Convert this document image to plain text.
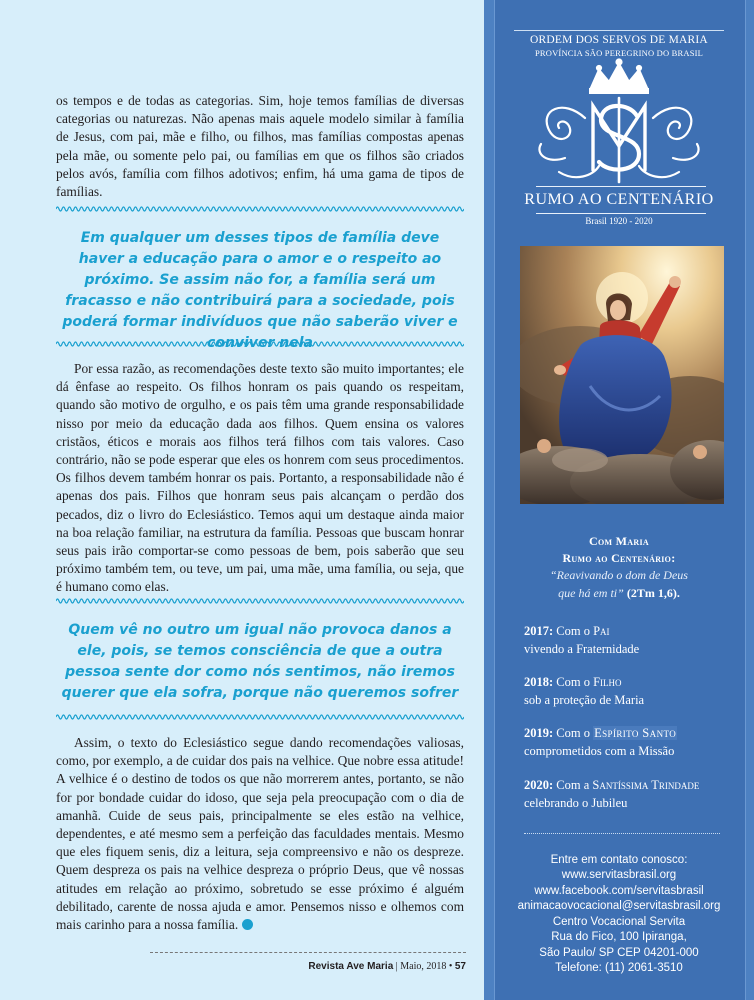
os tempos e de todas as categorias. Sim, hoje temos famílias de diversas categorias ou naturezas. Não apenas mais aquele modelo similar à família de Jesus, com pai, mãe e filho, ou filhos, mas famílias compostas apenas pela mãe, ou somente pelo pai, ou famílias em que os filhos são criados pelos avós, família com filhos adotivos; enfim, há uma gama de tipos de famílias.

Em qualquer um desses tipos de família deve haver a educação para o amor e o respeito ao próximo. Se assim não for, a família será um fracasso e não contribuirá para a sociedade, pois poderá formar indivíduos que não saberão viver e conviver nela

Por essa razão, as recomendações deste texto são muito importantes; ele dá ênfase ao respeito. Os filhos honram os pais quando os respeitam, quando são motivo de orgulho, e os pais têm uma grande responsabilidade nisso por meio da educação dada aos filhos. Quem ensina os valores cristãos, éticos e morais aos filhos terá filhos com tais valores. Caso contrário, não se pode esperar que eles os honrem com seus procedimentos. Os filhos devem também honrar os pais. Portanto, a responsabilidade não é apenas dos pais. Filhos que honram seus pais alcançam o perdão dos pecados, diz o livro do Eclesiástico. Temos aqui um destaque ainda maior na boa relação familiar, na estrutura da família. Pessoas que buscam honrar seus pais irão comportar-se como pessoas de bem, pois saberão que seu próximo também tem, ou teve, um pai, uma mãe, uma família, ou seja, que é humano como elas.

Quem vê no outro um igual não provoca danos a ele, pois, se temos consciência de que a outra pessoa sente dor como nós sentimos, não iremos querer que ela sofra, porque não queremos sofrer

Assim, o texto do Eclesiástico segue dando recomendações valiosas, como, por exemplo, a de cuidar dos pais na velhice. Que nobre essa atitude! A velhice é o destino de todos os que não morrerem antes, portanto, se não for por bondade cuidar do idoso, que seja pela preocupação com o dia de amanhã. Cuide de seus pais, principalmente se eles estão na velhice, dependentes, e até mesmo sem a perfeição das faculdades mentais. Mesmo que eles fiquem senis, diz a leitura, seja compreensivo e não os despreze. Quem despreza os pais na velhice despreza o próprio Deus, que vê nossas atitudes em relação ao próximo, sobretudo se esse próximo é alguém debilitado, carente de nossa ajuda e amor. Pensemos nisso e olhemos com mais carinho para a nossa família.

Revista Ave Maria | Maio, 2018 • 57
ORDEM DOS SERVOS DE MARIA
PROVÍNCIA SÃO PEREGRINO DO BRASIL
RUMO AO CENTENÁRIO
Brasil 1920 - 2020
Com Maria
Rumo ao Centenário:
“Reavivando o dom de Deus
que há em ti” (2Tm 1,6).
2017: Com o Pai
vivendo a Fraternidade
2018: Com o Filho
sob a proteção de Maria
2019: Com o Espírito Santo
comprometidos com a Missão
2020: Com a Santíssima Trindade
celebrando o Jubileu
Entre em contato conosco:
www.servitasbrasil.org
www.facebook.com/servitasbrasil
animacaovocacional@servitasbrasil.org
Centro Vocacional Servita
Rua do Fico, 100 Ipiranga,
São Paulo/ SP CEP 04201-000
Telefone: (11) 2061-3510
